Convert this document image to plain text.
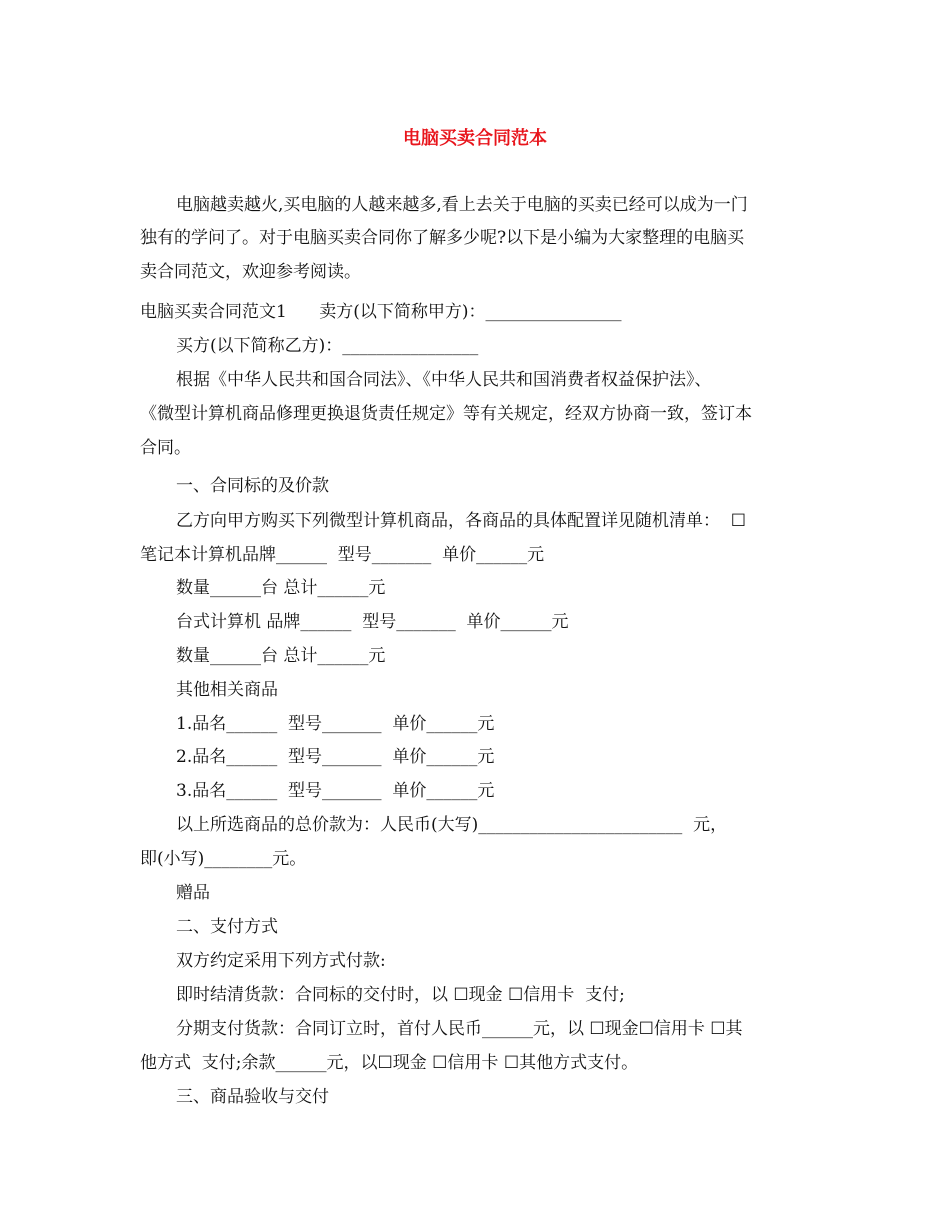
电脑买卖合同范本
电脑越卖越火,买电脑的人越来越多,看上去关于电脑的买卖已经可以成为一门
独有的学问了。对于电脑买卖合同你了解多少呢?以下是小编为大家整理的电脑买
卖合同范文，欢迎参考阅读。
电脑买卖合同范文1      卖方(以下简称甲方)：________________
买方(以下简称乙方)：________________
根据《中华人民共和国合同法》、《中华人民共和国消费者权益保护法》、
《微型计算机商品修理更换退货责任规定》等有关规定，经双方协商一致，签订本
合同。
一、合同标的及价款
乙方向甲方购买下列微型计算机商品，各商品的具体配置详见随机清单：  ☐
笔记本计算机品牌______  型号_______  单价______元
数量______台 总计______元
台式计算机 品牌______  型号_______  单价______元
数量______台 总计______元
其他相关商品
1.品名______  型号_______  单价______元
2.品名______  型号_______  单价______元
3.品名______  型号_______  单价______元
以上所选商品的总价款为：人民币(大写)________________________  元，
即(小写)________元。
赠品
二、支付方式
双方约定采用下列方式付款:
即时结清货款：合同标的交付时，以 ☐现金 ☐信用卡  支付;
分期支付货款：合同订立时，首付人民币______元，以 ☐现金☐信用卡 ☐其
他方式  支付;余款______元，以☐现金 ☐信用卡 ☐其他方式支付。
三、商品验收与交付
